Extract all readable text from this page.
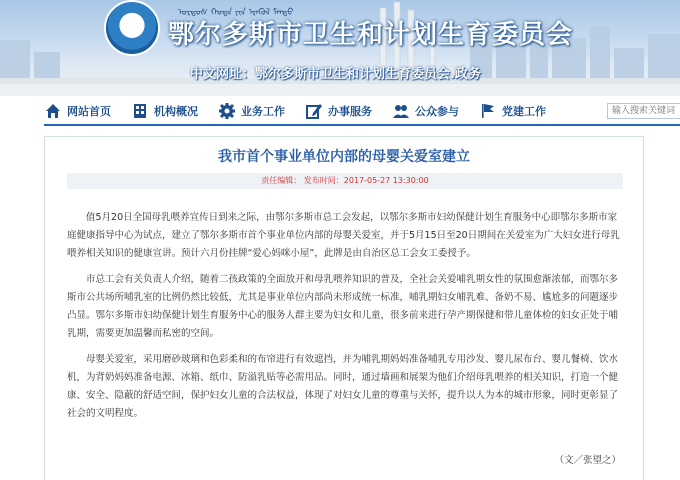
ᠣᠷᠳᠣᠰ ᠬᠣᠲᠠ ᠶᠢᠨ ᠡᠷᠡᠭᠦᠯ ᠮᠡᠨᠳᠦ
鄂尔多斯市卫生和计划生育委员会
中文网址：鄂尔多斯市卫生和计划生育委员会.政务
网站首页	机构概况	业务工作	办事服务	公众参与	党建工作
输入搜索关键词
我市首个事业单位内部的母婴关爱室建立
责任编辑： 发布时间：2017-05-27 13:30:00

值5月20日全国母乳喂养宣传日到来之际，由鄂尔多斯市总工会发起，以鄂尔多斯市妇幼保健计划生育服务中心即鄂尔多斯市家庭健康指导中心为试点，建立了鄂尔多斯市首个事业单位内部的母婴关爱室，并于5月15日至20日期间在关爱室为广大妇女进行母乳喂养相关知识的健康宣讲。预计六月份挂牌“爱心妈咪小屋”，此牌是由自治区总工会女工委授予。

市总工会有关负责人介绍，随着二孩政策的全面放开和母乳喂养知识的普及，全社会关爱哺乳期女性的氛围愈渐浓郁，而鄂尔多斯市公共场所哺乳室的比例仍然比较低，尤其是事业单位内部尚未形成统一标准，哺乳期妇女哺乳难、备奶不易、尴尬多的问题逐步凸显。鄂尔多斯市妇幼保健计划生育服务中心的服务人群主要为妇女和儿童，很多前来进行孕产期保健和带儿童体检的妇女正处于哺乳期，需要更加温馨而私密的空间。

母婴关爱室，采用磨砂玻璃和色彩柔和的布帘进行有效遮挡，并为哺乳期妈妈准备哺乳专用沙发、婴儿尿布台、婴儿餐椅、饮水机，为背奶妈妈准备电源、冰箱、纸巾、防溢乳贴等必需用品。同时，通过墙画和展架为他们介绍母乳喂养的相关知识，打造一个健康、安全、隐蔽的舒适空间，保护妇女儿童的合法权益，体现了对妇女儿童的尊重与关怀，提升以人为本的城市形象，同时更彰显了社会的文明程度。

（文／张望之）
